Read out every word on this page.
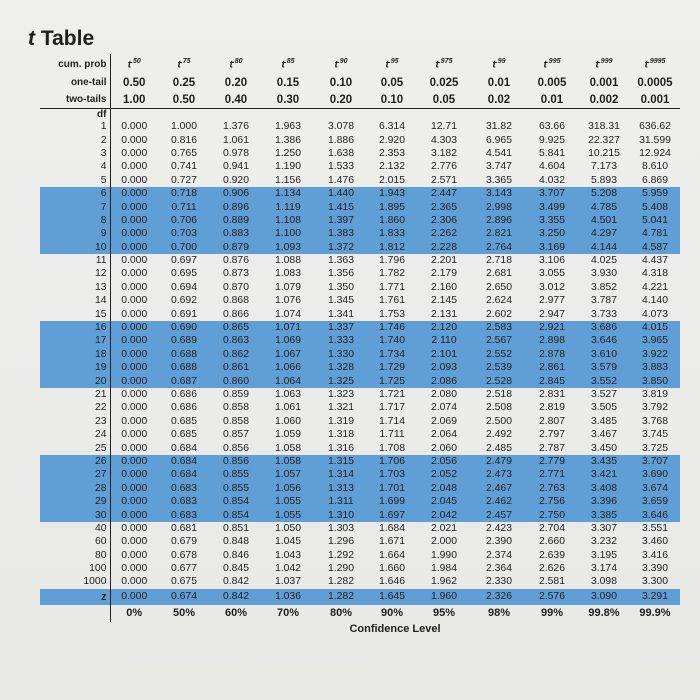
t Table
cum. prob	$t^{.50}$	$t^{.75}$	$t^{.80}$	$t^{.85}$	$t^{.90}$	$t^{.95}$	$t^{.975}$	$t^{.99}$	$t^{.995}$	$t^{.999}$	$t^{.9995}$
one-tail	0.50	0.25	0.20	0.15	0.10	0.05	0.025	0.01	0.005	0.001	0.0005
two-tails	1.00	0.50	0.40	0.30	0.20	0.10	0.05	0.02	0.01	0.002	0.001
df											
1	0.000	1.000	1.376	1.963	3.078	6.314	12.71	31.82	63.66	318.31	636.62
2	0.000	0.816	1.061	1.386	1.886	2.920	4.303	6.965	9.925	22.327	31.599
3	0.000	0.765	0.978	1.250	1.638	2.353	3.182	4.541	5.841	10.215	12.924
4	0.000	0.741	0.941	1.190	1.533	2.132	2.776	3.747	4.604	7.173	8.610
5	0.000	0.727	0.920	1.156	1.476	2.015	2.571	3.365	4.032	5.893	6.869
6	0.000	0.718	0.906	1.134	1.440	1.943	2.447	3.143	3.707	5.208	5.959
7	0.000	0.711	0.896	1.119	1.415	1.895	2.365	2.998	3.499	4.785	5.408
8	0.000	0.706	0.889	1.108	1.397	1.860	2.306	2.896	3.355	4.501	5.041
9	0.000	0.703	0.883	1.100	1.383	1.833	2.262	2.821	3.250	4.297	4.781
10	0.000	0.700	0.879	1.093	1.372	1.812	2.228	2.764	3.169	4.144	4.587
11	0.000	0.697	0.876	1.088	1.363	1.796	2.201	2.718	3.106	4.025	4.437
12	0.000	0.695	0.873	1.083	1.356	1.782	2.179	2.681	3.055	3.930	4.318
13	0.000	0.694	0.870	1.079	1.350	1.771	2.160	2.650	3.012	3.852	4.221
14	0.000	0.692	0.868	1.076	1.345	1.761	2.145	2.624	2.977	3.787	4.140
15	0.000	0.691	0.866	1.074	1.341	1.753	2.131	2.602	2.947	3.733	4.073
16	0.000	0.690	0.865	1.071	1.337	1.746	2.120	2.583	2.921	3.686	4.015
17	0.000	0.689	0.863	1.069	1.333	1.740	2.110	2.567	2.898	3.646	3.965
18	0.000	0.688	0.862	1.067	1.330	1.734	2.101	2.552	2.878	3.610	3.922
19	0.000	0.688	0.861	1.066	1.328	1.729	2.093	2.539	2.861	3.579	3.883
20	0.000	0.687	0.860	1.064	1.325	1.725	2.086	2.528	2.845	3.552	3.850
21	0.000	0.686	0.859	1.063	1.323	1.721	2.080	2.518	2.831	3.527	3.819
22	0.000	0.686	0.858	1.061	1.321	1.717	2.074	2.508	2.819	3.505	3.792
23	0.000	0.685	0.858	1.060	1.319	1.714	2.069	2.500	2.807	3.485	3.768
24	0.000	0.685	0.857	1.059	1.318	1.711	2.064	2.492	2.797	3.467	3.745
25	0.000	0.684	0.856	1.058	1.316	1.708	2.060	2.485	2.787	3.450	3.725
26	0.000	0.684	0.856	1.058	1.315	1.706	2.056	2.479	2.779	3.435	3.707
27	0.000	0.684	0.855	1.057	1.314	1.703	2.052	2.473	2.771	3.421	3.690
28	0.000	0.683	0.855	1.056	1.313	1.701	2.048	2.467	2.763	3.408	3.674
29	0.000	0.683	0.854	1.055	1.311	1.699	2.045	2.462	2.756	3.396	3.659
30	0.000	0.683	0.854	1.055	1.310	1.697	2.042	2.457	2.750	3.385	3.646
40	0.000	0.681	0.851	1.050	1.303	1.684	2.021	2.423	2.704	3.307	3.551
60	0.000	0.679	0.848	1.045	1.296	1.671	2.000	2.390	2.660	3.232	3.460
80	0.000	0.678	0.846	1.043	1.292	1.664	1.990	2.374	2.639	3.195	3.416
100	0.000	0.677	0.845	1.042	1.290	1.660	1.984	2.364	2.626	3.174	3.390
1000	0.000	0.675	0.842	1.037	1.282	1.646	1.962	2.330	2.581	3.098	3.300
z	0.000	0.674	0.842	1.036	1.282	1.645	1.960	2.326	2.576	3.090	3.291
	0%	50%	60%	70%	80%	90%	95%	98%	99%	99.8%	99.9%
	Confidence Level										
